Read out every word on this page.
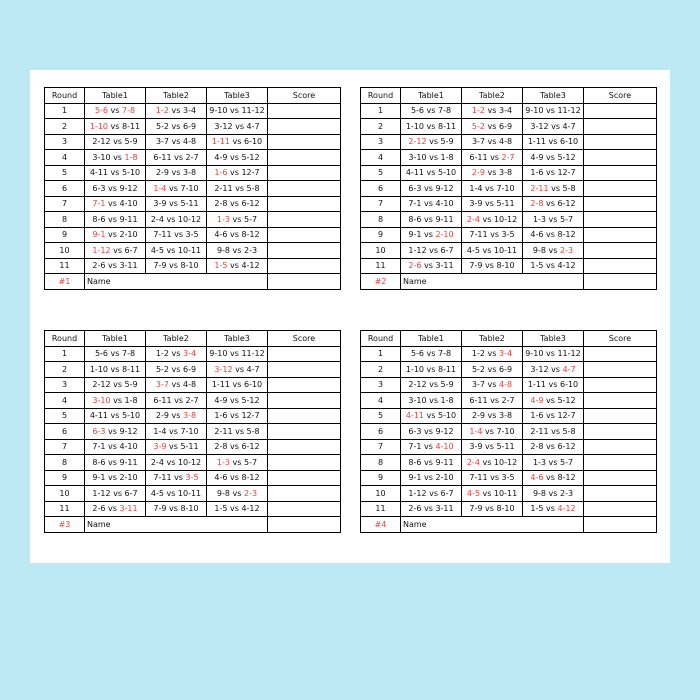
Round	Table1	Table2	Table3	Score
1	5-6 vs 7-8	1-2 vs 3-4	9-10 vs 11-12	
2	1-10 vs 8-11	5-2 vs 6-9	3-12 vs 4-7	
3	2-12 vs 5-9	3-7 vs 4-8	1-11 vs 6-10	
4	3-10 vs 1-8	6-11 vs 2-7	4-9 vs 5-12	
5	4-11 vs 5-10	2-9 vs 3-8	1-6 vs 12-7	
6	6-3 vs 9-12	1-4 vs 7-10	2-11 vs 5-8	
7	7-1 vs 4-10	3-9 vs 5-11	2-8 vs 6-12	
8	8-6 vs 9-11	2-4 vs 10-12	1-3 vs 5-7	
9	9-1 vs 2-10	7-11 vs 3-5	4-6 vs 8-12	
10	1-12 vs 6-7	4-5 vs 10-11	9-8 vs 2-3	
11	2-6 vs 3-11	7-9 vs 8-10	1-5 vs 4-12	
#1	Name			
Round	Table1	Table2	Table3	Score
1	5-6 vs 7-8	1-2 vs 3-4	9-10 vs 11-12	
2	1-10 vs 8-11	5-2 vs 6-9	3-12 vs 4-7	
3	2-12 vs 5-9	3-7 vs 4-8	1-11 vs 6-10	
4	3-10 vs 1-8	6-11 vs 2-7	4-9 vs 5-12	
5	4-11 vs 5-10	2-9 vs 3-8	1-6 vs 12-7	
6	6-3 vs 9-12	1-4 vs 7-10	2-11 vs 5-8	
7	7-1 vs 4-10	3-9 vs 5-11	2-8 vs 6-12	
8	8-6 vs 9-11	2-4 vs 10-12	1-3 vs 5-7	
9	9-1 vs 2-10	7-11 vs 3-5	4-6 vs 8-12	
10	1-12 vs 6-7	4-5 vs 10-11	9-8 vs 2-3	
11	2-6 vs 3-11	7-9 vs 8-10	1-5 vs 4-12	
#2	Name			
Round	Table1	Table2	Table3	Score
1	5-6 vs 7-8	1-2 vs 3-4	9-10 vs 11-12	
2	1-10 vs 8-11	5-2 vs 6-9	3-12 vs 4-7	
3	2-12 vs 5-9	3-7 vs 4-8	1-11 vs 6-10	
4	3-10 vs 1-8	6-11 vs 2-7	4-9 vs 5-12	
5	4-11 vs 5-10	2-9 vs 3-8	1-6 vs 12-7	
6	6-3 vs 9-12	1-4 vs 7-10	2-11 vs 5-8	
7	7-1 vs 4-10	3-9 vs 5-11	2-8 vs 6-12	
8	8-6 vs 9-11	2-4 vs 10-12	1-3 vs 5-7	
9	9-1 vs 2-10	7-11 vs 3-5	4-6 vs 8-12	
10	1-12 vs 6-7	4-5 vs 10-11	9-8 vs 2-3	
11	2-6 vs 3-11	7-9 vs 8-10	1-5 vs 4-12	
#3	Name			
Round	Table1	Table2	Table3	Score
1	5-6 vs 7-8	1-2 vs 3-4	9-10 vs 11-12	
2	1-10 vs 8-11	5-2 vs 6-9	3-12 vs 4-7	
3	2-12 vs 5-9	3-7 vs 4-8	1-11 vs 6-10	
4	3-10 vs 1-8	6-11 vs 2-7	4-9 vs 5-12	
5	4-11 vs 5-10	2-9 vs 3-8	1-6 vs 12-7	
6	6-3 vs 9-12	1-4 vs 7-10	2-11 vs 5-8	
7	7-1 vs 4-10	3-9 vs 5-11	2-8 vs 6-12	
8	8-6 vs 9-11	2-4 vs 10-12	1-3 vs 5-7	
9	9-1 vs 2-10	7-11 vs 3-5	4-6 vs 8-12	
10	1-12 vs 6-7	4-5 vs 10-11	9-8 vs 2-3	
11	2-6 vs 3-11	7-9 vs 8-10	1-5 vs 4-12	
#4	Name			
